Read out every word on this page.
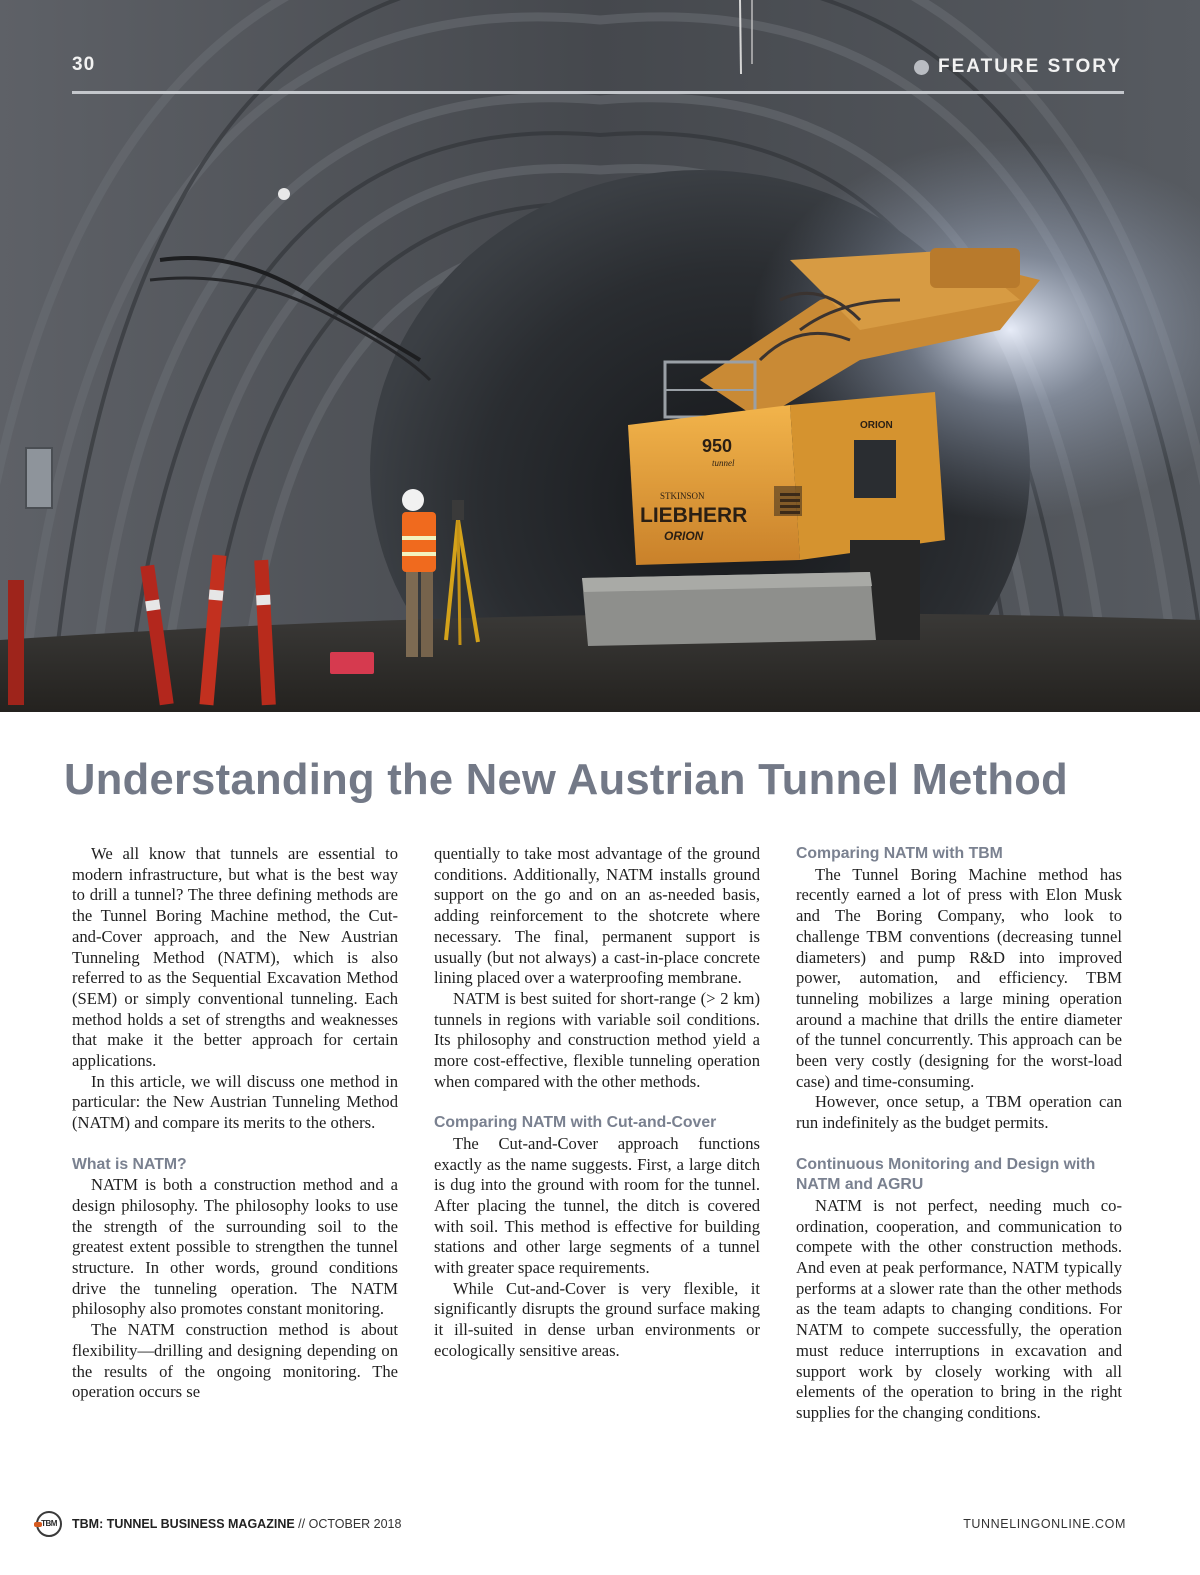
950
tunnel
STKINSON
LIEBHERR
ORION
ORION
30	FEATURE STORY
Understanding the New Austrian Tunnel Method

We all know that tunnels are essential to modern infrastructure, but what is the best way to drill a tunnel? The three defining methods are the Tunnel Boring Machine method, the Cut-and-Cover approach, and the New Austrian Tunneling Method (NATM), which is also referred to as the Sequential Excavation Method (SEM) or simply conventional tunneling. Each method holds a set of strengths and weaknesses that make it the better approach for certain applications.

In this article, we will discuss one method in particular: the New Austrian Tunneling Method (NATM) and compare its merits to the others.

What is NATM?

NATM is both a construction method and a design philosophy. The philosophy looks to use the strength of the surrounding soil to the greatest extent possible to strengthen the tunnel structure. In other words, ground conditions drive the tunneling operation. The NATM philosophy also promotes constant monitoring.

The NATM construction method is about flexibility—drilling and designing depending on the results of the ongoing monitoring. The operation occurs se

quentially to take most advantage of the ground conditions. Additionally, NATM installs ground support on the go and on an as-needed basis, adding reinforcement to the shotcrete where necessary. The final, permanent support is usually (but not always) a cast-in-place concrete lining placed over a waterproofing membrane.

NATM is best suited for short-range (> 2 km) tunnels in regions with variable soil conditions. Its philosophy and construction method yield a more cost-effective, flexible tunneling operation when compared with the other methods.

Comparing NATM with Cut-and-Cover

The Cut-and-Cover approach functions exactly as the name suggests. First, a large ditch is dug into the ground with room for the tunnel. After placing the tunnel, the ditch is covered with soil. This method is effective for building stations and other large segments of a tunnel with greater space requirements.

While Cut-and-Cover is very flexible, it significantly disrupts the ground surface making it ill-suited in dense urban environments or ecologically sensitive areas.

Comparing NATM with TBM

The Tunnel Boring Machine method has recently earned a lot of press with Elon Musk and The Boring Company, who look to challenge TBM conventions (decreasing tunnel diameters) and pump R&D into improved power, automation, and efficiency. TBM tunneling mobilizes a large mining operation around a machine that drills the entire diameter of the tunnel concurrently. This approach can be been very costly (designing for the worst-load case) and time-consuming.

However, once setup, a TBM operation can run indefinitely as the budget permits.

Continuous Monitoring and Design with NATM and AGRU

NATM is not perfect, needing much coordination, cooperation, and communication to compete with the other construction methods. And even at peak performance, NATM typically performs at a slower rate than the other methods as the team adapts to changing conditions. For NATM to compete successfully, the operation must reduce interruptions in excavation and support work by closely working with all elements of the operation to bring in the right supplies for the changing conditions.

TBM TBM: TUNNEL BUSINESS MAGAZINE // OCTOBER 2018	TUNNELINGONLINE.COM
